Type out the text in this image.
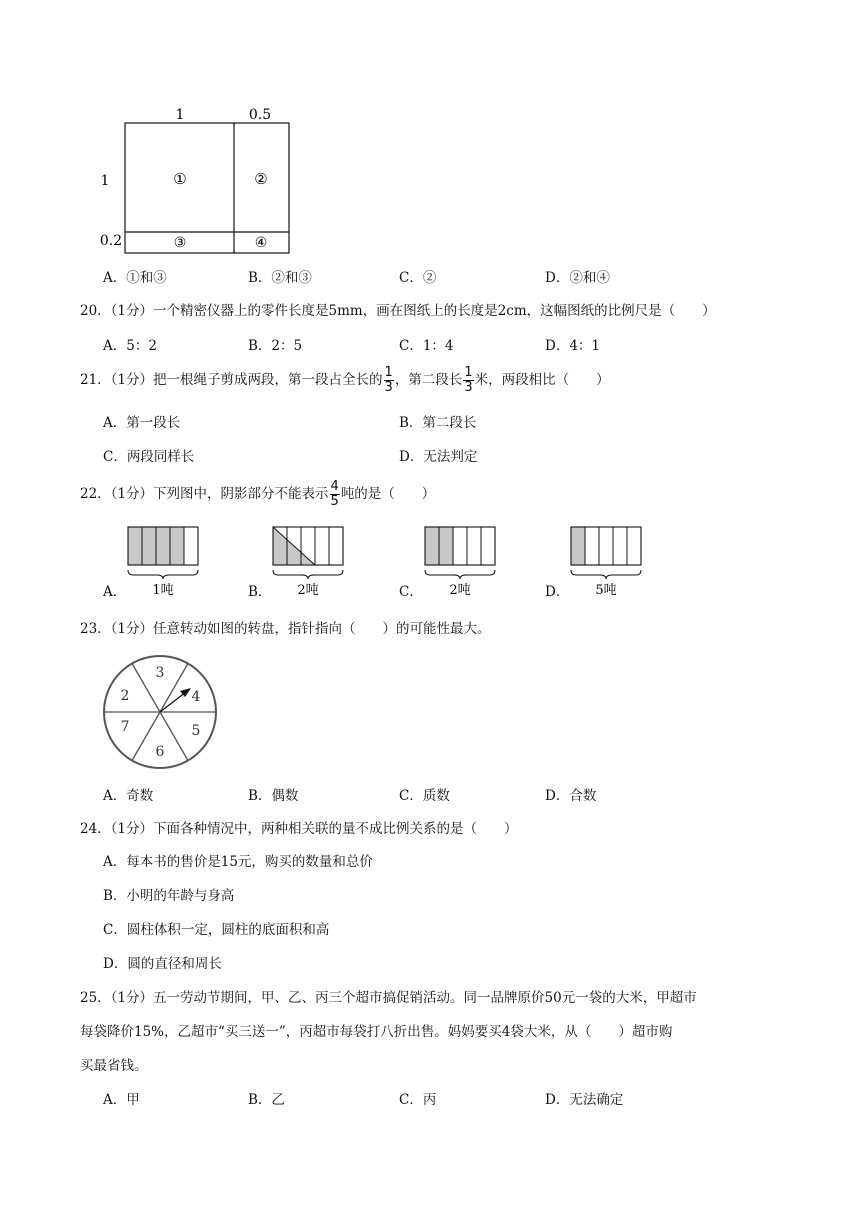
1	0.5
1
0.2
①	②
③	④
A．①和③	B．②和③	C．②	D．②和④
20．（1分）一个精密仪器上的零件长度是5mm，画在图纸上的长度是2cm，这幅图纸的比例尺是（　　）
A．5：2	B．2：5	C．1：4	D．4：1
21．（1分）把一根绳子剪成两段，第一段占全长的 $\frac{1}{3}$ ，第二段长 $\frac{1}{3}$ 米，两段相比（　　）
A．第一段长	B．第二段长
C．两段同样长	D．无法判定
22．（1分）下列图中，阴影部分不能表示 $\frac{4}{5}$ 吨的是（　　）
A． 1吨	B． 2吨	C． 2吨	D． 5吨
23．（1分）任意转动如图的转盘，指针指向（　　）的可能性最大。
3
4
5
6
7
2
A．奇数	B．偶数	C．质数	D．合数
24．（1分）下面各种情况中，两种相关联的量不成比例关系的是（　　）
A．每本书的售价是15元，购买的数量和总价
B．小明的年龄与身高
C．圆柱体积一定，圆柱的底面积和高
D．圆的直径和周长
25．（1分）五一劳动节期间，甲、乙、丙三个超市搞促销活动。同一品牌原价50元一袋的大米，甲超市
每袋降价15%，乙超市“买三送一”，丙超市每袋打八折出售。妈妈要买4袋大米，从（　　）超市购
买最省钱。
A．甲	B．乙	C．丙	D．无法确定
